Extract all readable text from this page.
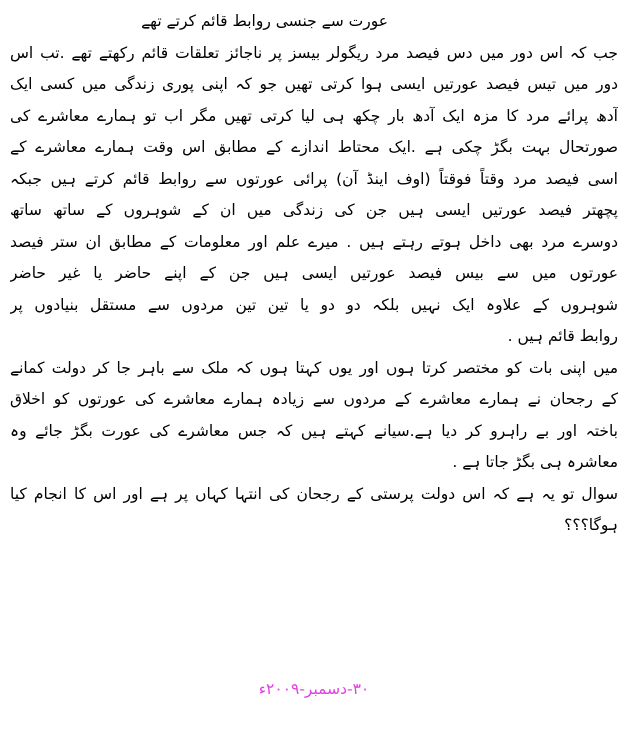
عورت سے جنسی روابط قائم کرتے تھے
جب کہ اس دور میں دس فیصد مرد ریگولر بیسز پر ناجائز تعلقات قائم رکھتے تھے .تب اس
دور میں تیس فیصد عورتیں ایسی ہوا کرتی تھیں جو کہ اپنی پوری زندگی میں کسی ایک
آدھ پرائے مرد کا مزہ ایک آدھ بار چکھ ہی لیا کرتی تھیں مگر اب تو ہمارے معاشرے کی
صورتحال بہت بگڑ چکی ہے .ایک محتاط اندازے کے مطابق اس وقت ہمارے معاشرے کے
اسی فیصد مرد وقتاً فوقتاً (اوف اینڈ آن) پرائی عورتوں سے روابط قائم کرتے ہیں جبکہ
پچھتر فیصد عورتیں ایسی ہیں جن کی زندگی میں ان کے شوہروں کے ساتھ ساتھ
دوسرے مرد بھی داخل ہوتے رہتے ہیں . میرے علم اور معلومات کے مطابق ان ستر فیصد
عورتوں میں سے بیس فیصد عورتیں ایسی ہیں جن کے اپنے حاضر یا غیر حاضر
شوہروں کے علاوہ ایک نہیں بلکہ دو دو یا تین تین مردوں سے مستقل بنیادوں پر
روابط قائم ہیں .
میں اپنی بات کو مختصر کرتا ہوں اور یوں کہتا ہوں کہ ملک سے باہر جا کر دولت کمانے
کے رجحان نے ہمارے معاشرے کے مردوں سے زیادہ ہمارے معاشرے کی عورتوں کو اخلاق
باختہ اور بے راہرو کر دیا ہے.سیانے کہتے ہیں کہ جس معاشرے کی عورت بگڑ جائے وہ
معاشرہ ہی بگڑ جاتا ہے .
سوال تو یہ ہے کہ اس دولت پرستی کے رجحان کی انتہا کہاں پر ہے اور اس کا انجام کیا
ہوگا؟؟؟
۳۰-دسمبر-۲۰۰۹ء
